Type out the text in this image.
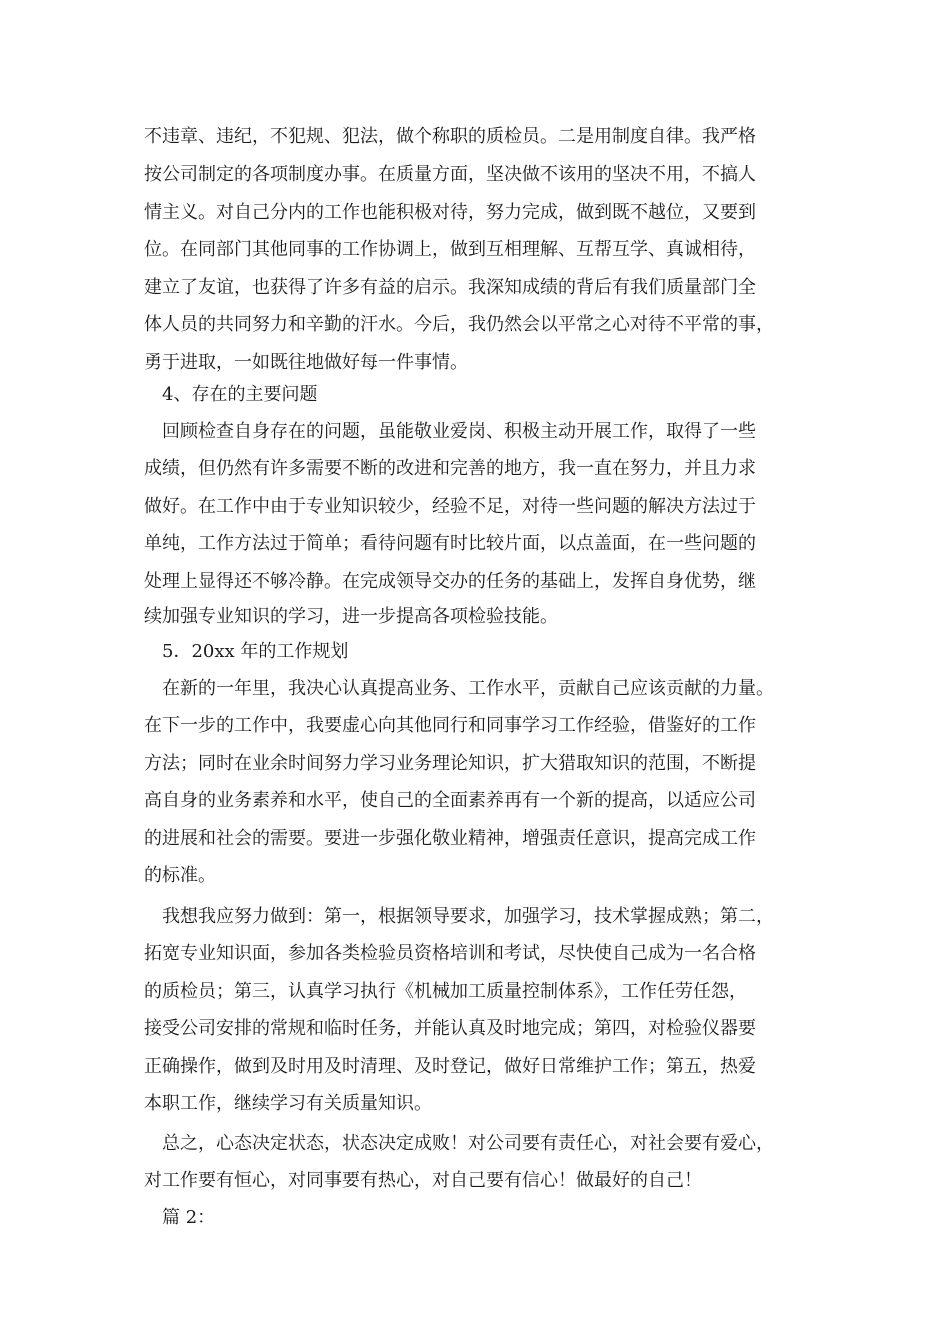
不违章、违纪，不犯规、犯法，做个称职的质检员。二是用制度自律。我严格

按公司制定的各项制度办事。在质量方面，坚决做不该用的坚决不用，不搞人

情主义。对自己分内的工作也能积极对待，努力完成，做到既不越位，又要到

位。在同部门其他同事的工作协调上，做到互相理解、互帮互学、真诚相待，

建立了友谊，也获得了许多有益的启示。我深知成绩的背后有我们质量部门全

体人员的共同努力和辛勤的汗水。今后，我仍然会以平常之心对待不平常的事，

勇于进取，一如既往地做好每一件事情。

　4、存在的主要问题

　回顾检查自身存在的问题，虽能敬业爱岗、积极主动开展工作，取得了一些

成绩，但仍然有许多需要不断的改进和完善的地方，我一直在努力，并且力求

做好。在工作中由于专业知识较少，经验不足，对待一些问题的解决方法过于

单纯，工作方法过于简单；看待问题有时比较片面，以点盖面，在一些问题的

处理上显得还不够冷静。在完成领导交办的任务的基础上，发挥自身优势，继

续加强专业知识的学习，进一步提高各项检验技能。

　5．20xx 年的工作规划

　在新的一年里，我决心认真提高业务、工作水平，贡献自己应该贡献的力量。

在下一步的工作中，我要虚心向其他同行和同事学习工作经验，借鉴好的工作

方法；同时在业余时间努力学习业务理论知识，扩大猎取知识的范围，不断提

高自身的业务素养和水平，使自己的全面素养再有一个新的提高，以适应公司

的进展和社会的需要。要进一步强化敬业精神，增强责任意识，提高完成工作

的标准。

　我想我应努力做到：第一，根据领导要求，加强学习，技术掌握成熟；第二，

拓宽专业知识面，参加各类检验员资格培训和考试，尽快使自己成为一名合格

的质检员；第三，认真学习执行《机械加工质量控制体系》，工作任劳任怨，

接受公司安排的常规和临时任务，并能认真及时地完成；第四，对检验仪器要

正确操作，做到及时用及时清理、及时登记，做好日常维护工作；第五，热爱

本职工作，继续学习有关质量知识。

　总之，心态决定状态，状态决定成败！对公司要有责任心，对社会要有爱心，

对工作要有恒心，对同事要有热心，对自己要有信心！做最好的自己！

　篇 2：
